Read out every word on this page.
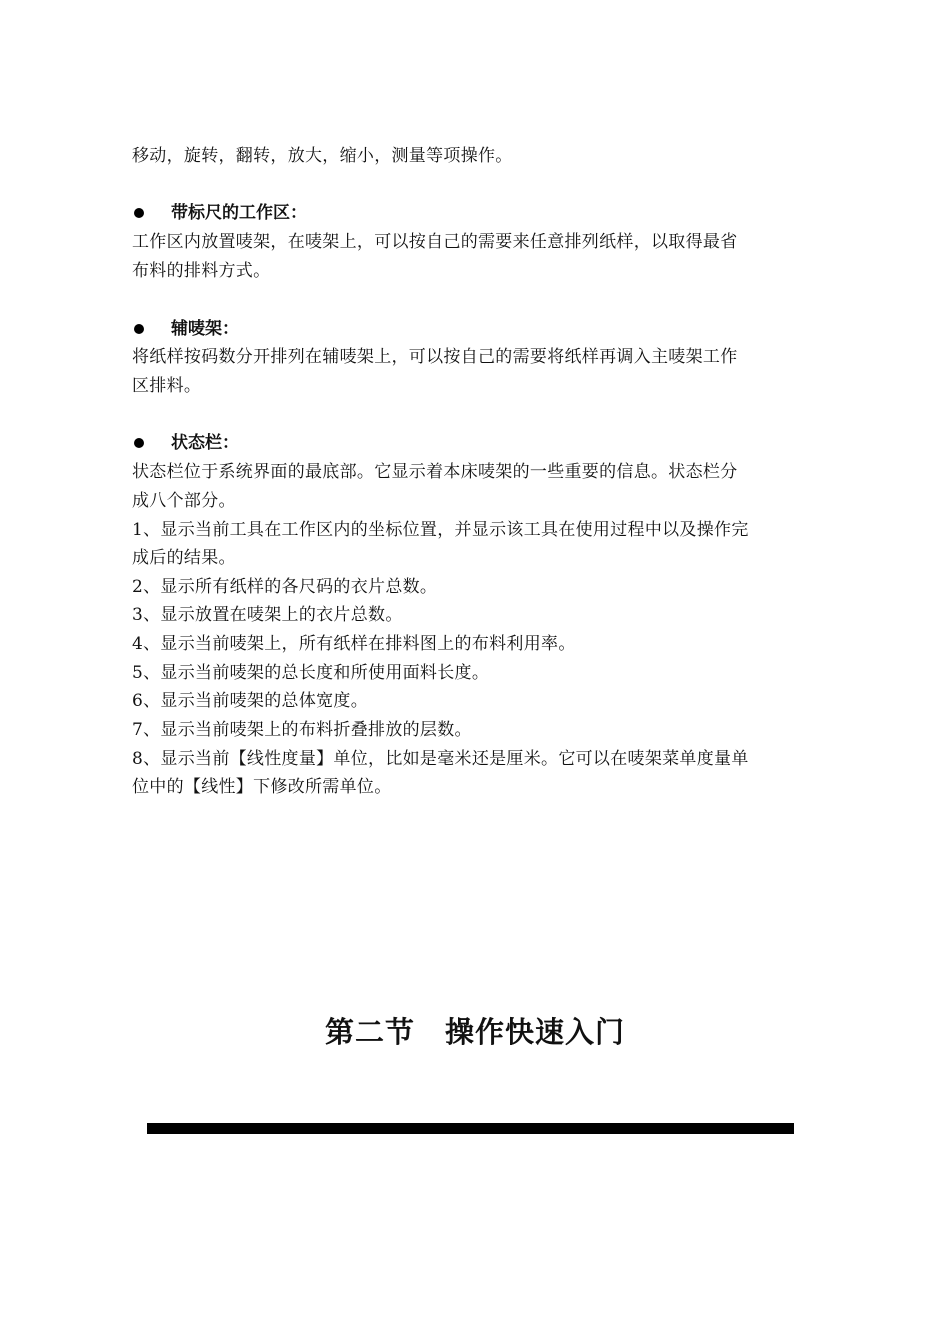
移动，旋转，翻转，放大，缩小，测量等项操作。
带标尺的工作区：
工作区内放置唛架，在唛架上，可以按自己的需要来任意排列纸样，以取得最省
布料的排料方式。
辅唛架：
将纸样按码数分开排列在辅唛架上，可以按自己的需要将纸样再调入主唛架工作
区排料。
状态栏：
状态栏位于系统界面的最底部。它显示着本床唛架的一些重要的信息。状态栏分
成八个部分。
1、显示当前工具在工作区内的坐标位置，并显示该工具在使用过程中以及操作完
成后的结果。
2、显示所有纸样的各尺码的衣片总数。
3、显示放置在唛架上的衣片总数。
4、显示当前唛架上，所有纸样在排料图上的布料利用率。
5、显示当前唛架的总长度和所使用面料长度。
6、显示当前唛架的总体宽度。
7、显示当前唛架上的布料折叠排放的层数。
8、显示当前【线性度量】单位，比如是毫米还是厘米。它可以在唛架菜单度量单
位中的【线性】下修改所需单位。
第二节　操作快速入门
